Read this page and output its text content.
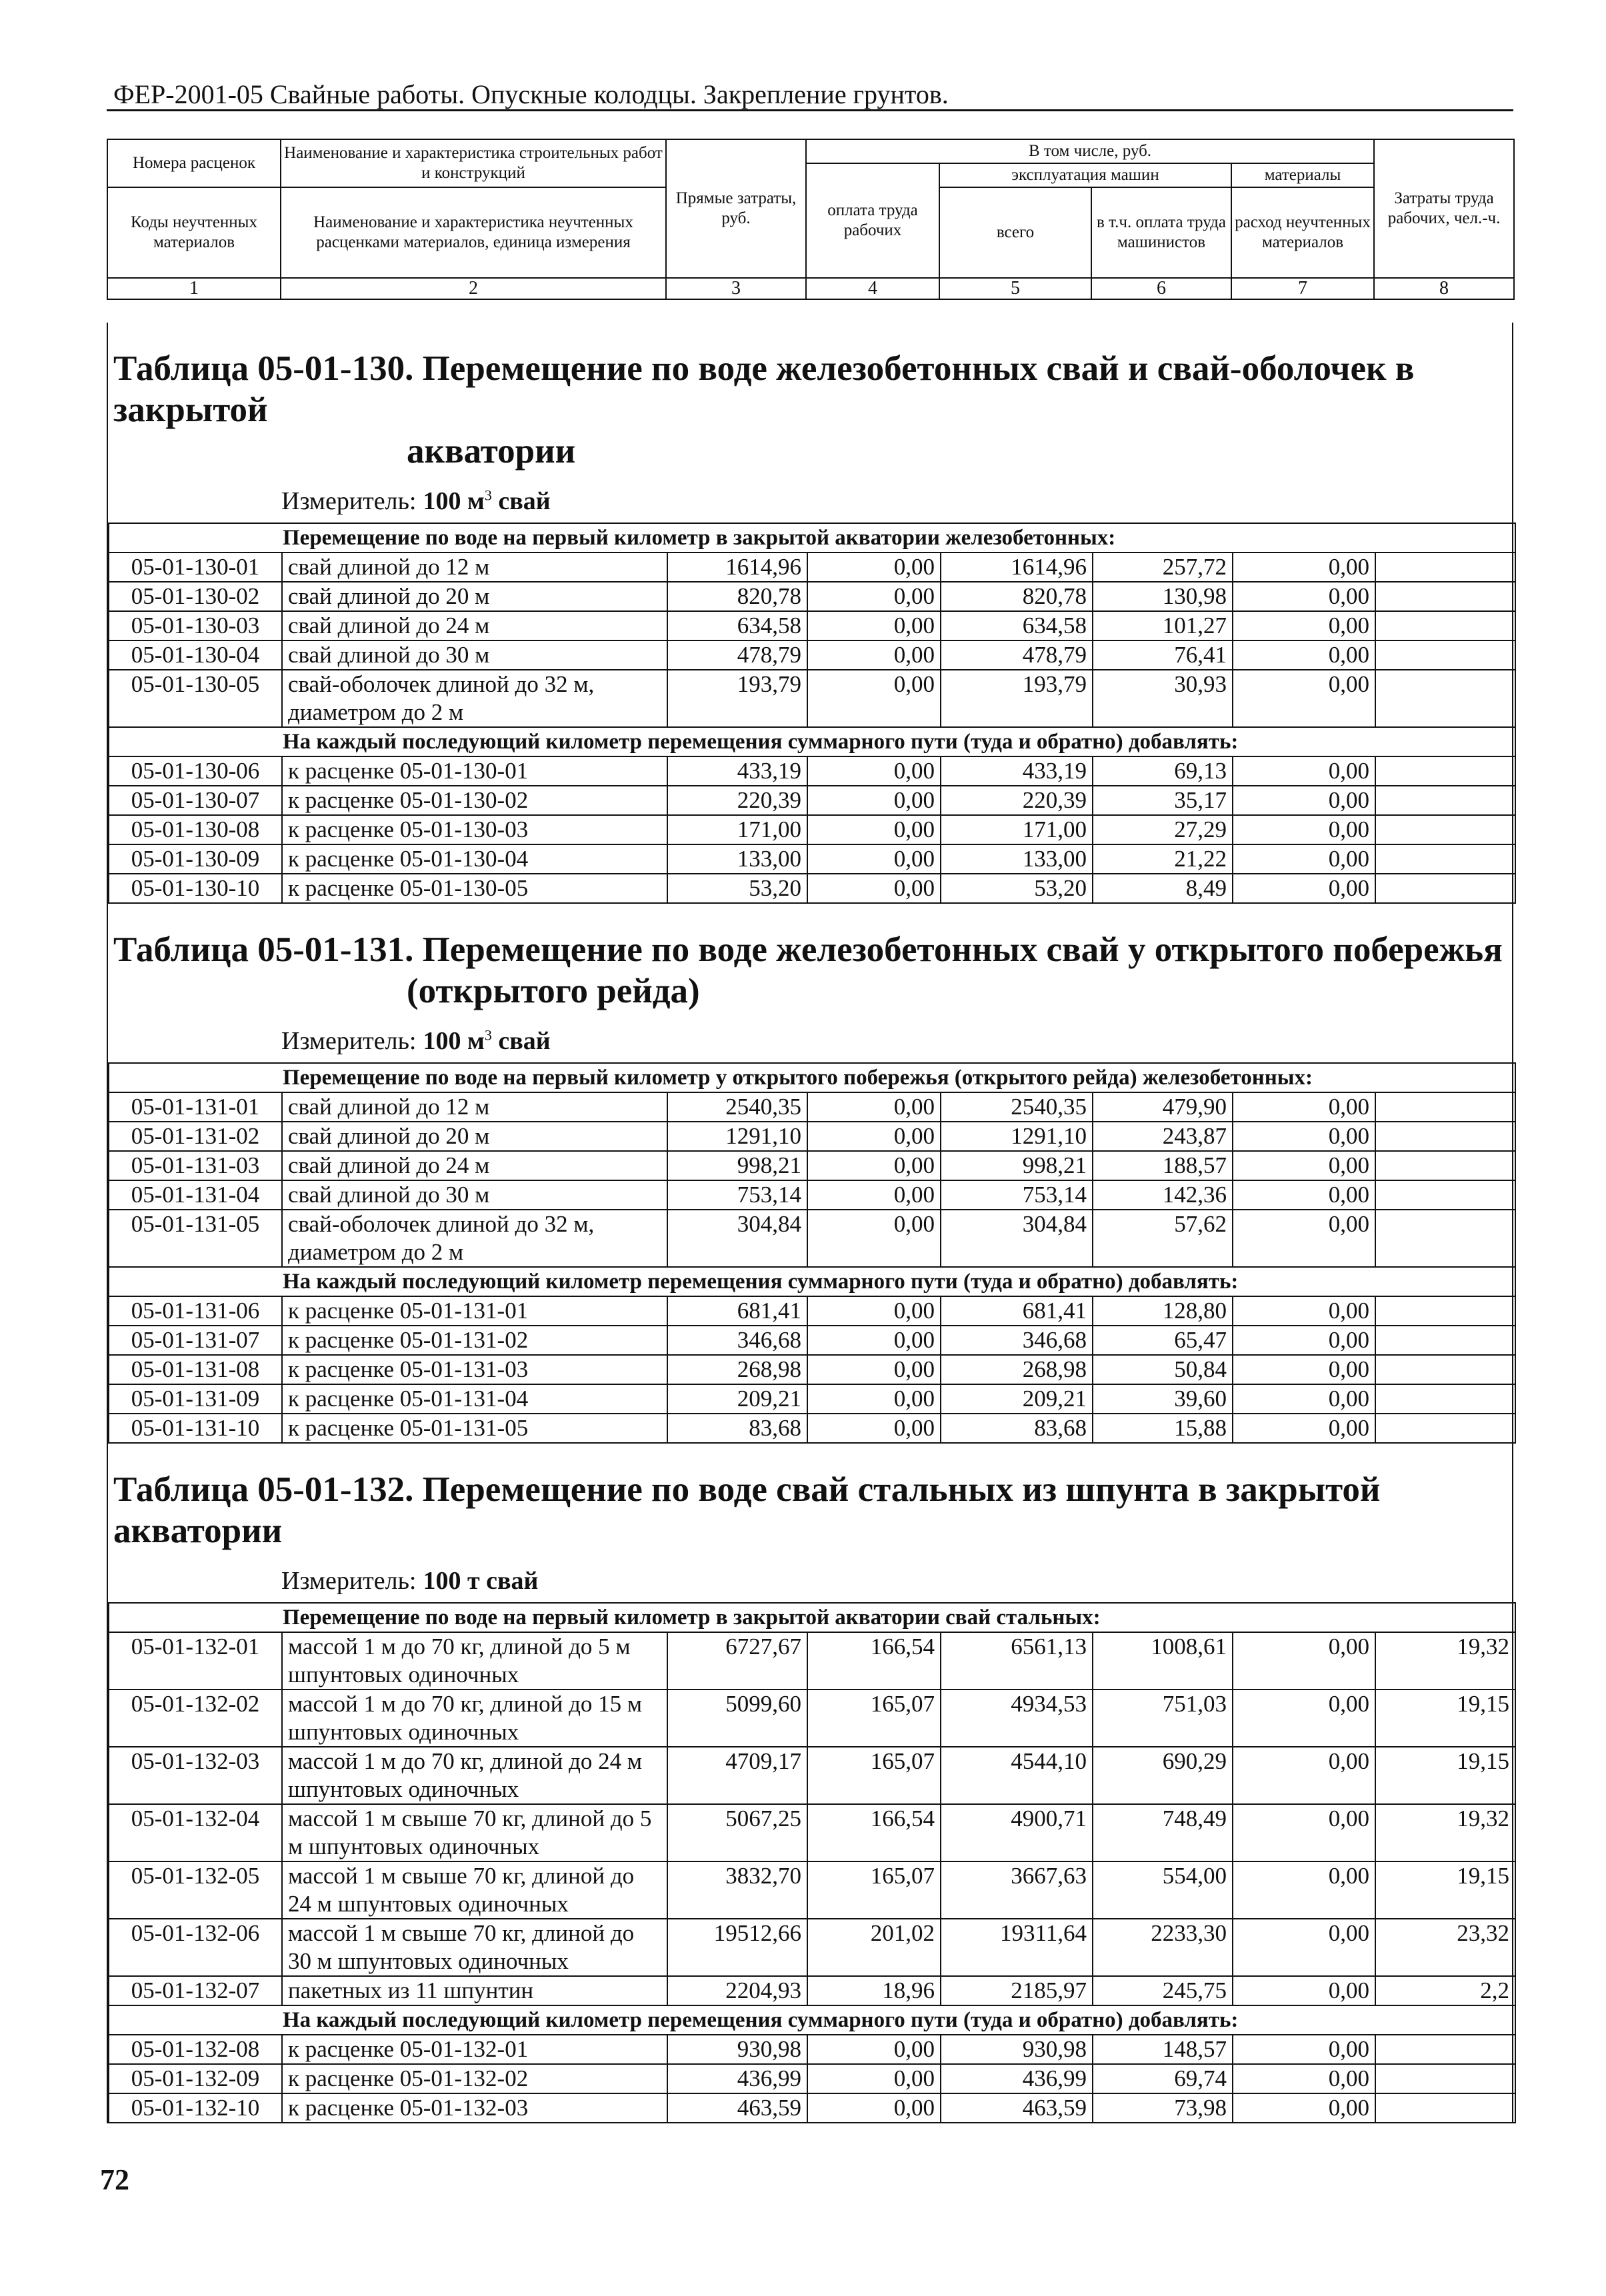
ФЕР-2001-05 Свайные работы. Опускные колодцы. Закрепление грунтов.
Номера расценок	Наименование и характеристика строительных работ и конструкций	Прямые затраты, руб.	В том числе, руб.				Затраты труда рабочих, чел.-ч.
			оплата труда рабочих	эксплуатация машин		материалы	
Коды неучтенных материалов	Наименование и характеристика неучтенных расценками материалов, единица измерения			всего	в т.ч. оплата труда машинистов	расход неучтенных материалов	

1	2	3	4	5	6	7	8
Таблица 05-01-130. Перемещение по воде железобетонных свай и свай-оболочек в закрытой
акватории
Измеритель: 100 $м^3$ свай
Перемещение по воде на первый километр в закрытой акватории железобетонных:							
05-01-130-01	свай длиной до 12 м	1614,96	0,00	1614,96	257,72	0,00	
05-01-130-02	свай длиной до 20 м	820,78	0,00	820,78	130,98	0,00	
05-01-130-03	свай длиной до 24 м	634,58	0,00	634,58	101,27	0,00	
05-01-130-04	свай длиной до 30 м	478,79	0,00	478,79	76,41	0,00	
05-01-130-05	свай-оболочек длиной до 32 м, диаметром до 2 м	193,79	0,00	193,79	30,93	0,00	
На каждый последующий километр перемещения суммарного пути (туда и обратно) добавлять:							
05-01-130-06	к расценке 05-01-130-01	433,19	0,00	433,19	69,13	0,00	
05-01-130-07	к расценке 05-01-130-02	220,39	0,00	220,39	35,17	0,00	
05-01-130-08	к расценке 05-01-130-03	171,00	0,00	171,00	27,29	0,00	
05-01-130-09	к расценке 05-01-130-04	133,00	0,00	133,00	21,22	0,00	
05-01-130-10	к расценке 05-01-130-05	53,20	0,00	53,20	8,49	0,00	
Таблица 05-01-131. Перемещение по воде железобетонных свай у открытого побережья
(открытого рейда)
Измеритель: 100 $м^3$ свай
Перемещение по воде на первый километр у открытого побережья (открытого рейда) железобетонных:							
05-01-131-01	свай длиной до 12 м	2540,35	0,00	2540,35	479,90	0,00	
05-01-131-02	свай длиной до 20 м	1291,10	0,00	1291,10	243,87	0,00	
05-01-131-03	свай длиной до 24 м	998,21	0,00	998,21	188,57	0,00	
05-01-131-04	свай длиной до 30 м	753,14	0,00	753,14	142,36	0,00	
05-01-131-05	свай-оболочек длиной до 32 м, диаметром до 2 м	304,84	0,00	304,84	57,62	0,00	
На каждый последующий километр перемещения суммарного пути (туда и обратно) добавлять:							
05-01-131-06	к расценке 05-01-131-01	681,41	0,00	681,41	128,80	0,00	
05-01-131-07	к расценке 05-01-131-02	346,68	0,00	346,68	65,47	0,00	
05-01-131-08	к расценке 05-01-131-03	268,98	0,00	268,98	50,84	0,00	
05-01-131-09	к расценке 05-01-131-04	209,21	0,00	209,21	39,60	0,00	
05-01-131-10	к расценке 05-01-131-05	83,68	0,00	83,68	15,88	0,00	
Таблица 05-01-132. Перемещение по воде свай стальных из шпунта в закрытой акватории
Измеритель: 100 т свай
Перемещение по воде на первый километр в закрытой акватории свай стальных:							
05-01-132-01	массой 1 м до 70 кг, длиной до 5 м шпунтовых одиночных	6727,67	166,54	6561,13	1008,61	0,00	19,32
05-01-132-02	массой 1 м до 70 кг, длиной до 15 м шпунтовых одиночных	5099,60	165,07	4934,53	751,03	0,00	19,15
05-01-132-03	массой 1 м до 70 кг, длиной до 24 м шпунтовых одиночных	4709,17	165,07	4544,10	690,29	0,00	19,15
05-01-132-04	массой 1 м свыше 70 кг, длиной до 5 м шпунтовых одиночных	5067,25	166,54	4900,71	748,49	0,00	19,32
05-01-132-05	массой 1 м свыше 70 кг, длиной до 24 м шпунтовых одиночных	3832,70	165,07	3667,63	554,00	0,00	19,15
05-01-132-06	массой 1 м свыше 70 кг, длиной до 30 м шпунтовых одиночных	19512,66	201,02	19311,64	2233,30	0,00	23,32
05-01-132-07	пакетных из 11 шпунтин	2204,93	18,96	2185,97	245,75	0,00	2,2
На каждый последующий километр перемещения суммарного пути (туда и обратно) добавлять:							
05-01-132-08	к расценке 05-01-132-01	930,98	0,00	930,98	148,57	0,00	
05-01-132-09	к расценке 05-01-132-02	436,99	0,00	436,99	69,74	0,00	
05-01-132-10	к расценке 05-01-132-03	463,59	0,00	463,59	73,98	0,00	
72
